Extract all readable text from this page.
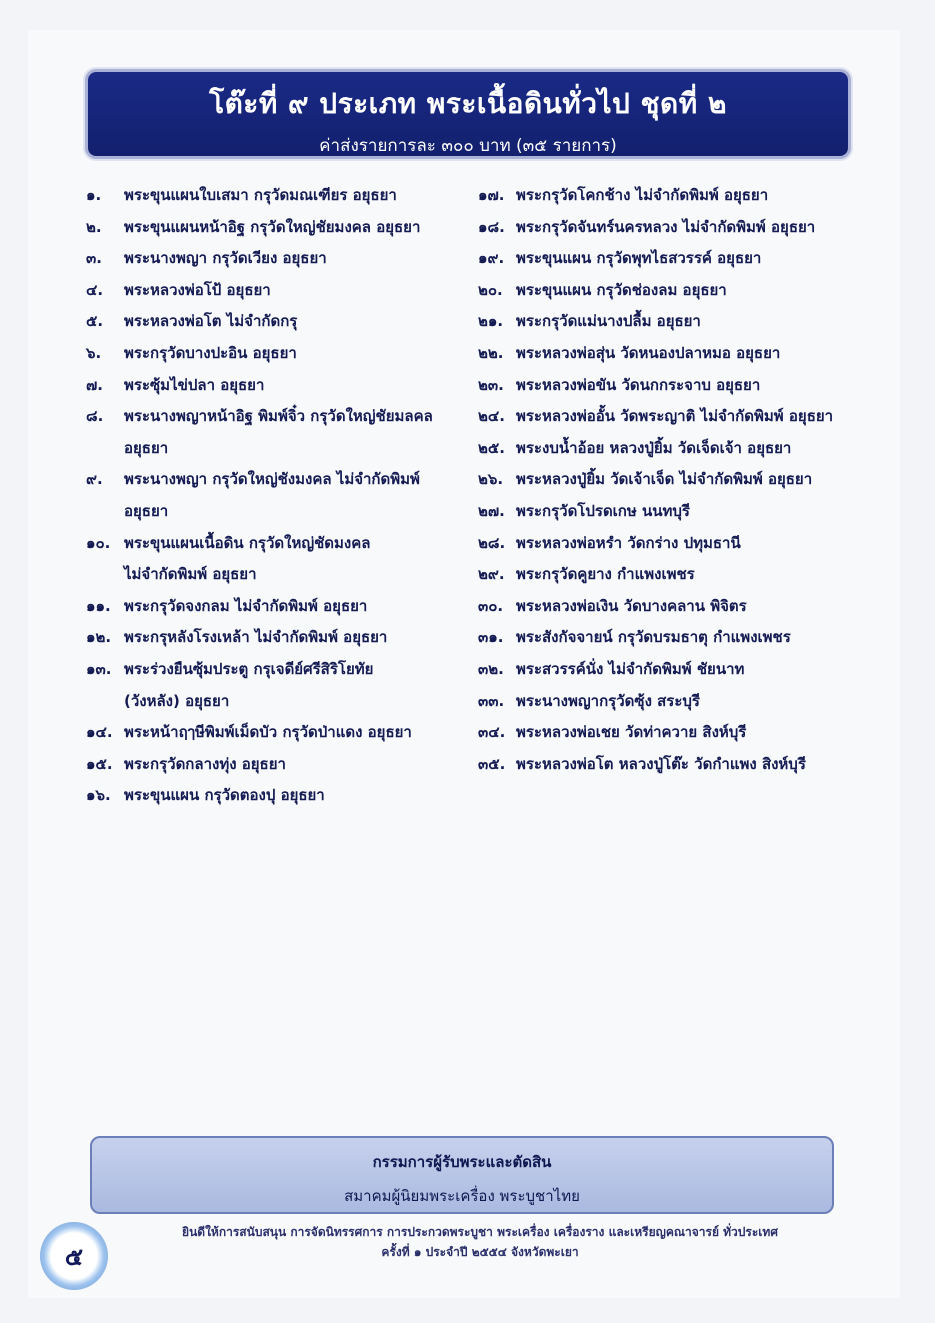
โต๊ะที่ ๙ ประเภท พระเนื้อดินทั่วไป ชุดที่ ๒
ค่าส่งรายการละ ๓๐๐ บาท (๓๕ รายการ)
๑.	พระขุนแผนใบเสมา กรุวัดมณเฑียร อยุธยา
๒.	พระขุนแผนหน้าอิฐ กรุวัดใหญ่ชัยมงคล อยุธยา
๓.	พระนางพญา กรุวัดเวียง อยุธยา
๔.	พระหลวงพ่อโป้ อยุธยา
๕.	พระหลวงพ่อโต ไม่จำกัดกรุ
๖.	พระกรุวัดบางปะอิน อยุธยา
๗.	พระซุ้มไข่ปลา อยุธยา
๘.	พระนางพญาหน้าอิฐ พิมพ์จิ๋ว กรุวัดใหญ่ชัยมลคล
อยุธยา
๙.	พระนางพญา กรุวัดใหญ่ชังมงคล ไม่จำกัดพิมพ์
อยุธยา
๑๐. พระขุนแผนเนื้อดิน กรุวัดใหญ่ชัดมงคล
ไม่จำกัดพิมพ์ อยุธยา
๑๑. พระกรุวัดจงกลม ไม่จำกัดพิมพ์ อยุธยา
๑๒. พระกรุหลังโรงเหล้า ไม่จำกัดพิมพ์ อยุธยา
๑๓. พระร่วงยืนซุ้มประตู กรุเจดีย์ศรีสิริโยทัย
(วังหลัง) อยุธยา
๑๔. พระหน้าฤๅษีพิมพ์เม็ดบัว กรุวัดป่าแดง อยุธยา
๑๕. พระกรุวัดกลางทุ่ง อยุธยา
๑๖. พระขุนแผน กรุวัดตองปุ อยุธยา
๑๗. พระกรุวัดโคกช้าง ไม่จำกัดพิมพ์ อยุธยา
๑๘. พระกรุวัดจันทร์นครหลวง ไม่จำกัดพิมพ์ อยุธยา
๑๙. พระขุนแผน กรุวัดพุทไธสวรรค์ อยุธยา
๒๐. พระขุนแผน กรุวัดช่องลม อยุธยา
๒๑. พระกรุวัดแม่นางปลื้ม อยุธยา
๒๒. พระหลวงพ่อสุ่น วัดหนองปลาหมอ อยุธยา
๒๓. พระหลวงพ่อขัน วัดนกกระจาบ อยุธยา
๒๔. พระหลวงพ่ออั้น วัดพระญาติ ไม่จำกัดพิมพ์ อยุธยา
๒๕. พระงบน้ำอ้อย หลวงปู่ยิ้ม วัดเจ็ดเจ้า อยุธยา
๒๖. พระหลวงปู่ยิ้ม วัดเจ้าเจ็ด ไม่จำกัดพิมพ์ อยุธยา
๒๗. พระกรุวัดโปรดเกษ นนทบุรี
๒๘. พระหลวงพ่อหรำ วัดกร่าง ปทุมธานี
๒๙. พระกรุวัดคูยาง กำแพงเพชร
๓๐. พระหลวงพ่อเงิน วัดบางคลาน พิจิตร
๓๑. พระสังกัจจายน์ กรุวัดบรมธาตุ กำแพงเพชร
๓๒. พระสวรรค์นั่ง ไม่จำกัดพิมพ์ ชัยนาท
๓๓. พระนางพญากรุวัดซุ้ง สระบุรี
๓๔. พระหลวงพ่อเชย วัดท่าควาย สิงห์บุรี
๓๕. พระหลวงพ่อโต หลวงปู่โต๊ะ วัดกำแพง สิงห์บุรี
กรรมการผู้รับพระและตัดสิน
สมาคมผู้นิยมพระเครื่อง พระบูชาไทย
ยินดีให้การสนับสนุน การจัดนิทรรศการ การประกวดพระบูชา พระเครื่อง เครื่องราง และเหรียญคณาจารย์ ทั่วประเทศ
ครั้งที่ ๑ ประจำปี ๒๕๕๔ จังหวัดพะเยา
๕
